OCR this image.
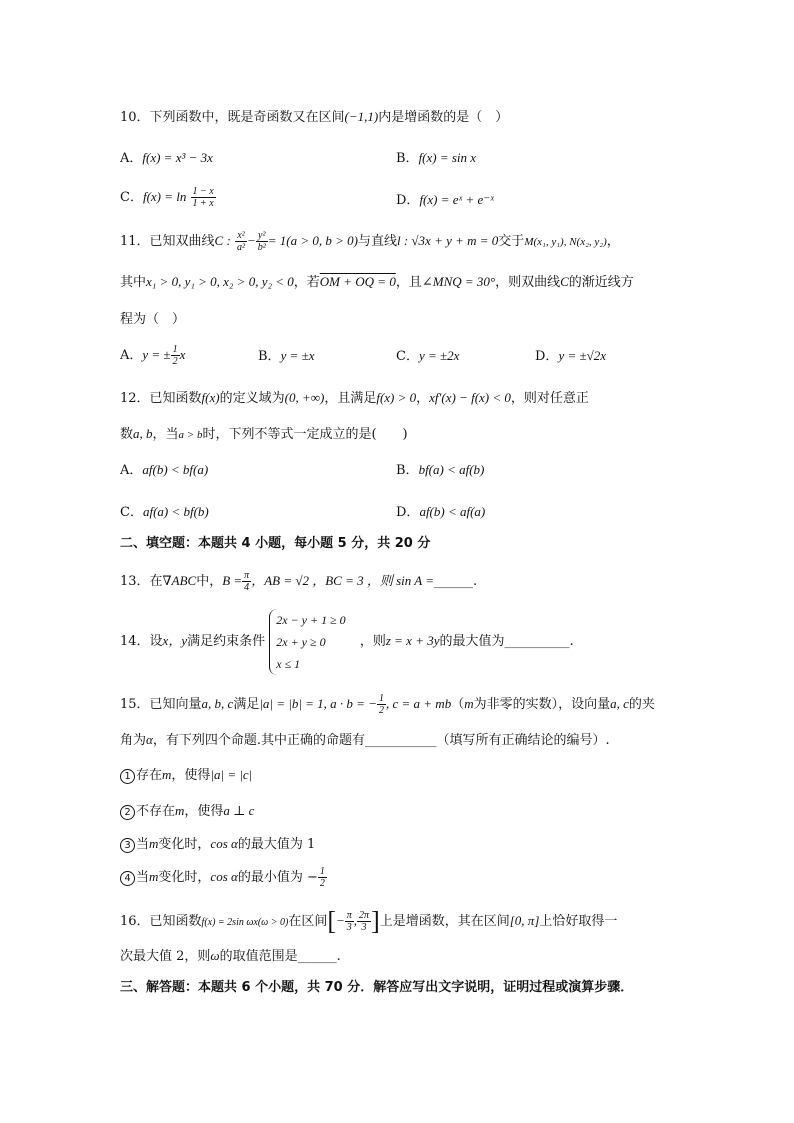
10．下列函数中，既是奇函数又在区间(−1,1)内是增函数的是（　）
A．f(x) = x³ − 3x	B．f(x) = sin x
C．$f(x) = \ln \frac{1 - x}{1 + x}$	D．f(x) = eˣ + e⁻ˣ
11．已知双曲线C : $\frac{\text{x²}}{\text{a²}} - \frac{\text{y²}}{\text{b²}} = 1(a > 0$, b > 0)与直线l : √3x + y + m = 0交于M(x₁, y₁), N(x₂, y₂)，
其中x₁ > 0, y₁ > 0, x₂ > 0, y₂ < 0，若OM + OQ = 0，且∠MNQ = 30°，则双曲线C的渐近线方
程为（　）
A．y = ± $\frac{1}{2}$ x	B．y = ±x	C．y = ±2x	D．y = ±√2x
12．已知函数f(x)的定义域为(0, +∞)，且满足f(x) > 0，xf′(x) − f(x) < 0，则对任意正
数a, b，当a > b时，下列不等式一定成立的是(　　)
A．af(b) < bf(a)	B．bf(a) < af(b)
C．af(a) < bf(b)	D．af(b) < af(a)
二、填空题：本题共 4 小题，每小题 5 分，共 20 分
13．在∇ABC中，$B = \frac{\pi}{4}$ ，AB = √2 ，BC = 3 ，则 sin A =______.
14．设x，y满足约束条件
2x − y + 1 ≥ 0
2x + y ≥ 0
x ≤ 1
，则z = x + 3y的最大值为__________.
15．已知向量a, b, c满足|a| = |b| = 1, a · b = − $\frac{1}{2}$ , c = a + mb（m为非零的实数），设向量a, c的夹
角为α，有下列四个命题.其中正确的命题有___________（填写所有正确结论的编号）.
1 存在m，使得|a| = |c|
2 不存在m，使得a ⊥ c
3 当m变化时，cos α的最大值为 1
4 当m变化时，cos α的最小值为 − $\frac{1}{2}$
16．已知函数f(x) = 2sin ωx(ω > 0)在区间[− $\frac{\pi}{3}$ , $\frac{2\pi}{3}$ ]上是增函数，其在区间[0, π]上恰好取得一
次最大值 2，则ω的取值范围是______.
三、解答题：本题共 6 个小题，共 70 分．解答应写出文字说明，证明过程或演算步骤．
